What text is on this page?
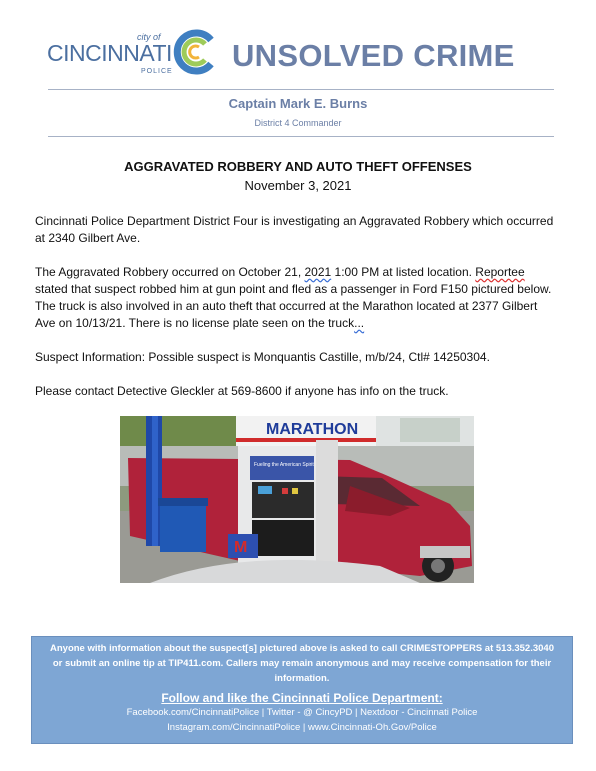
city of
CINCINNATI
POLICE UNSOLVED CRIME
Captain Mark E. Burns
District 4 Commander
AGGRAVATED ROBBERY AND AUTO THEFT OFFENSES
November 3, 2021
Cincinnati Police Department District Four is investigating an Aggravated Robbery which occurred at 2340 Gilbert Ave.
The Aggravated Robbery occurred on October 21, 2021 1:00 PM at listed location. Reportee stated that suspect robbed him at gun point and fled as a passenger in Ford F150 pictured below. The truck is also involved in an auto theft that occurred at the Marathon located at 2377 Gilbert Ave on 10/13/21. There is no license plate seen on the truck...
Suspect Information: Possible suspect is Monquantis Castille, m/b/24, Ctl# 14250304.
Please contact Detective Gleckler at 569-8600 if anyone has info on the truck.
MARATHON
Fueling the American Spirit
M
Anyone with information about the suspect[s] pictured above is asked to call CRIMESTOPPERS at 513.352.3040 or submit an online tip at TIP411.com. Callers may remain anonymous and may receive compensation for their information.
Follow and like the Cincinnati Police Department:
Facebook.com/CincinnatiPolice | Twitter - @ CincyPD | Nextdoor - Cincinnati Police
Instagram.com/CincinnatiPolice | www.Cincinnati-Oh.Gov/Police
